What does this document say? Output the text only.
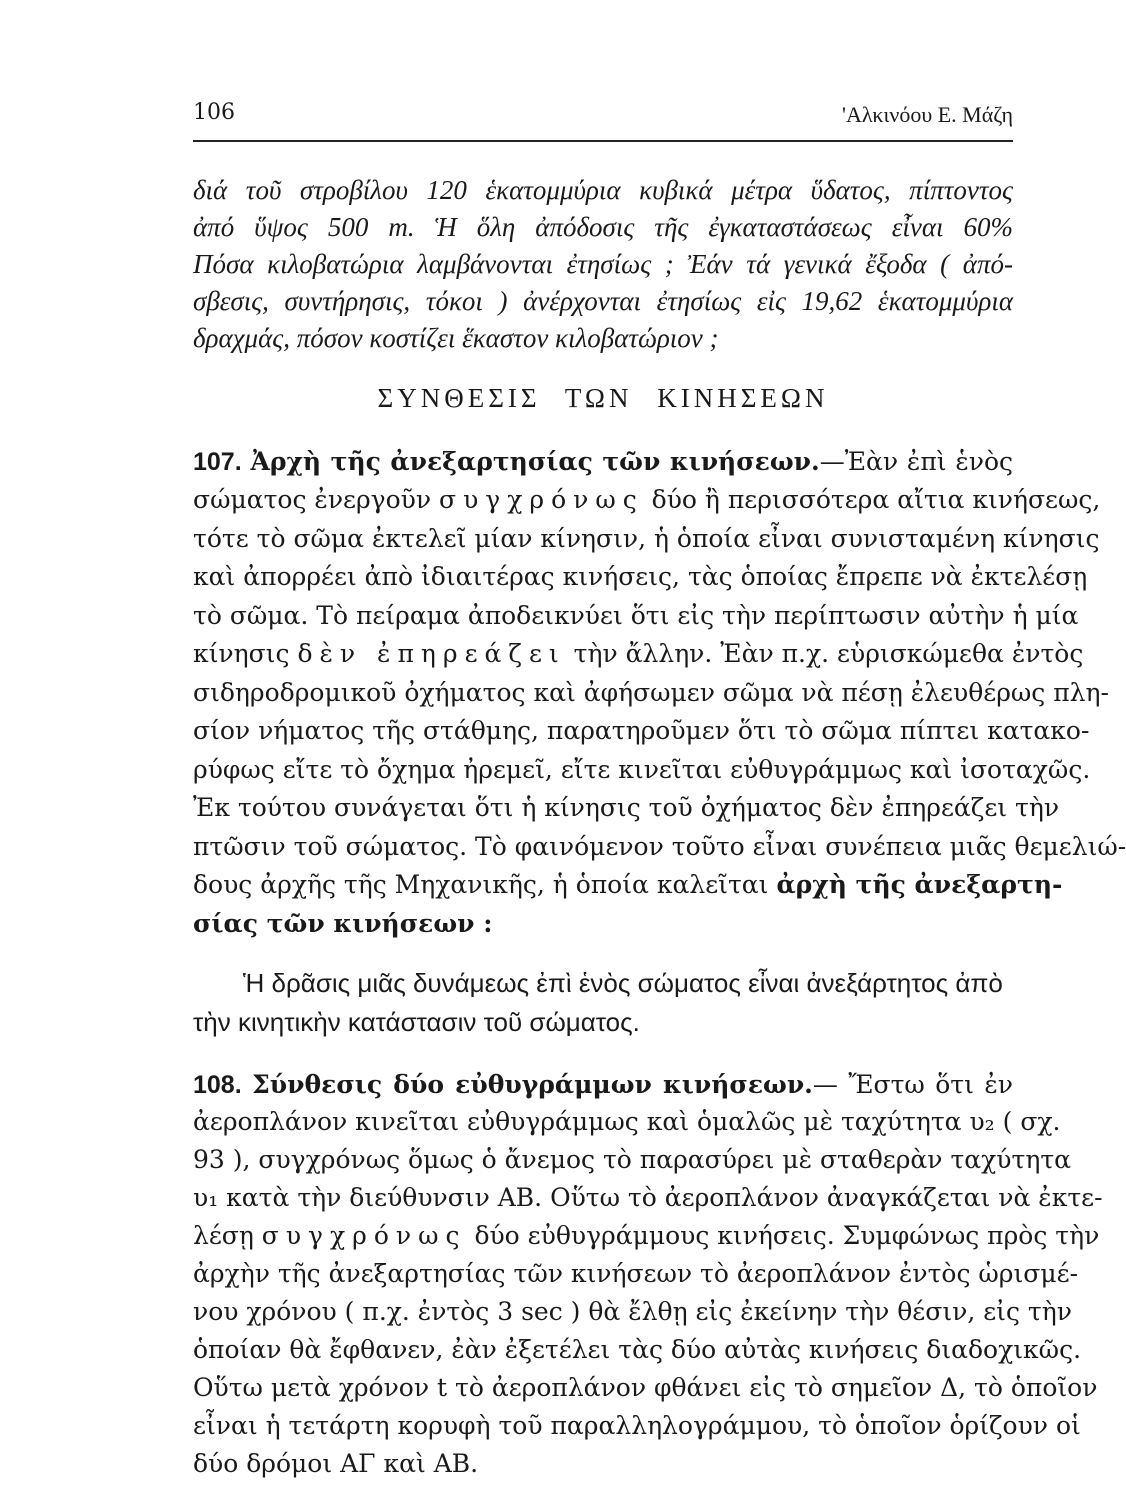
106	'Αλκινόου Ε. Μάζη

διά τοῦ στροβίλου 120 ἑκατομμύρια κυβικά μέτρα ὕδατος, πίπτοντος

ἀπό ὕψος 500 m. Ἡ ὅλη ἀπόδοσις τῆς ἐγκαταστάσεως εἶναι 60%

Πόσα κιλοβατώρια λαμβάνονται ἐτησίως ; Ἐάν τά γενικά ἔξοδα ( ἀπό-

σβεσις, συντήρησις, τόκοι ) ἀνέρχονται ἐτησίως εἰς 19,62 ἑκατομμύρια

δραχμάς, πόσον κοστίζει ἕκαστον κιλοβατώριον ;

ΣΥΝΘΕΣΙΣ ΤΩΝ ΚΙΝΗΣΕΩΝ

107. Ἀρχὴ τῆς ἀνεξαρτησίας τῶν κινήσεων.—Ἐὰν ἐπὶ ἑνὸς

σώματος ἐνεργοῦν συγχρόνως δύο ἢ περισσότερα αἴτια κινήσεως,

τότε τὸ σῶμα ἐκτελεῖ μίαν κίνησιν, ἡ ὁποία εἶναι συνισταμένη κίνησις

καὶ ἀπορρέει ἀπὸ ἰδιαιτέρας κινήσεις, τὰς ὁποίας ἔπρεπε νὰ ἐκτελέσῃ

τὸ σῶμα. Τὸ πείραμα ἀποδεικνύει ὅτι εἰς τὴν περίπτωσιν αὐτὴν ἡ μία

κίνησις δὲν ἐπηρεάζει τὴν ἄλλην. Ἐὰν π.χ. εὑρισκώμεθα ἐντὸς

σιδηροδρομικοῦ ὀχήματος καὶ ἀφήσωμεν σῶμα νὰ πέσῃ ἐλευθέρως πλη-

σίον νήματος τῆς στάθμης, παρατηροῦμεν ὅτι τὸ σῶμα πίπτει κατακο-

ρύφως εἴτε τὸ ὄχημα ἠρεμεῖ, εἴτε κινεῖται εὐθυγράμμως καὶ ἰσοταχῶς.

Ἐκ τούτου συνάγεται ὅτι ἡ κίνησις τοῦ ὀχήματος δὲν ἐπηρεάζει τὴν

πτῶσιν τοῦ σώματος. Τὸ φαινόμενον τοῦτο εἶναι συνέπεια μιᾶς θεμελιώ-

δους ἀρχῆς τῆς Μηχανικῆς, ἡ ὁποία καλεῖται ἀρχὴ τῆς ἀνεξαρτη-

σίας τῶν κινήσεων :

Ἡ δρᾶσις μιᾶς δυνάμεως ἐπὶ ἑνὸς σώματος εἶναι ἀνεξάρτητος ἀπὸ
τὴν κινητικὴν κατάστασιν τοῦ σώματος.

108. Σύνθεσις δύο εὐθυγράμμων κινήσεων.— Ἔστω ὅτι ἐν

ἀεροπλάνον κινεῖται εὐθυγράμμως καὶ ὁμαλῶς μὲ ταχύτητα υ₂ ( σχ.

93 ), συγχρόνως ὅμως ὁ ἄνεμος τὸ παρασύρει μὲ σταθερὰν ταχύτητα

υ₁ κατὰ τὴν διεύθυνσιν ΑΒ. Οὕτω τὸ ἀεροπλάνον ἀναγκάζεται νὰ ἐκτε-

λέσῃ συγχρόνως δύο εὐθυγράμμους κινήσεις. Συμφώνως πρὸς τὴν

ἀρχὴν τῆς ἀνεξαρτησίας τῶν κινήσεων τὸ ἀεροπλάνον ἐντὸς ὡρισμέ-

νου χρόνου ( π.χ. ἐντὸς 3 sec ) θὰ ἔλθῃ εἰς ἐκείνην τὴν θέσιν, εἰς τὴν

ὁποίαν θὰ ἔφθανεν, ἐὰν ἐξετέλει τὰς δύο αὐτὰς κινήσεις διαδοχικῶς.

Οὕτω μετὰ χρόνον t τὸ ἀεροπλάνον φθάνει εἰς τὸ σημεῖον Δ, τὸ ὁποῖον

εἶναι ἡ τετάρτη κορυφὴ τοῦ παραλληλογράμμου, τὸ ὁποῖον ὁρίζουν οἱ

δύο δρόμοι ΑΓ καὶ ΑΒ.
